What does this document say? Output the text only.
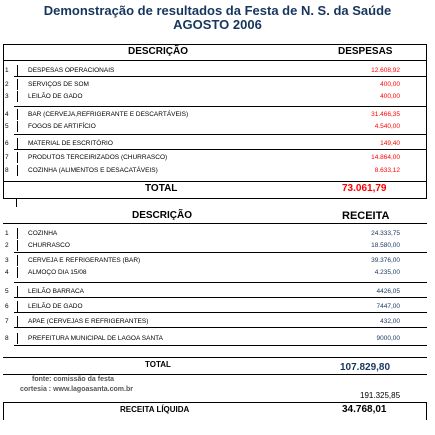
Demonstração de resultados da Festa de N. S. da Saúde
AGOSTO 2006
DESCRIÇÃO	DESPESAS
1	DESPESAS OPERACIONAIS	12.608,92
2	SERVIÇOS DE SOM	400,00
3	LEILÃO DE GADO	400,00
4	BAR (CERVEJA,REFRIGERANTE E DESCARTÁVEIS)	31.466,35
5	FOGOS DE ARTIFÍCIO	4.540,00
6	MATERIAL DE ESCRITÓRIO	149,40
7	PRODUTOS TERCEIRIZADOS (CHURRASCO)	14.864,00
8	COZINHA (ALIMENTOS E DESACATÁVEIS)	8.633,12
TOTAL	73.061,79
DESCRIÇÃO	RECEITA
1	COZINHA	24.333,75
2	CHURRASCO	18.580,00
3	CERVEJA E REFRIGERANTES (BAR)	39.376,00
4	ALMOÇO DIA 15/08	4.235,00
5	LEILÃO BARRACA	4426,05
6	LEILÃO DE GADO	7447,00
7	APAE (CERVEJAS E REFRIGERANTES)	432,00
8	PREFEITURA MUNICIPAL DE LAGOA SANTA	9000,00
TOTAL	107.829,80
fonte: comissão da festa
cortesia : www.lagoasanta.com.br
191.325,85
RECEITA LÍQUIDA	34.768,01
